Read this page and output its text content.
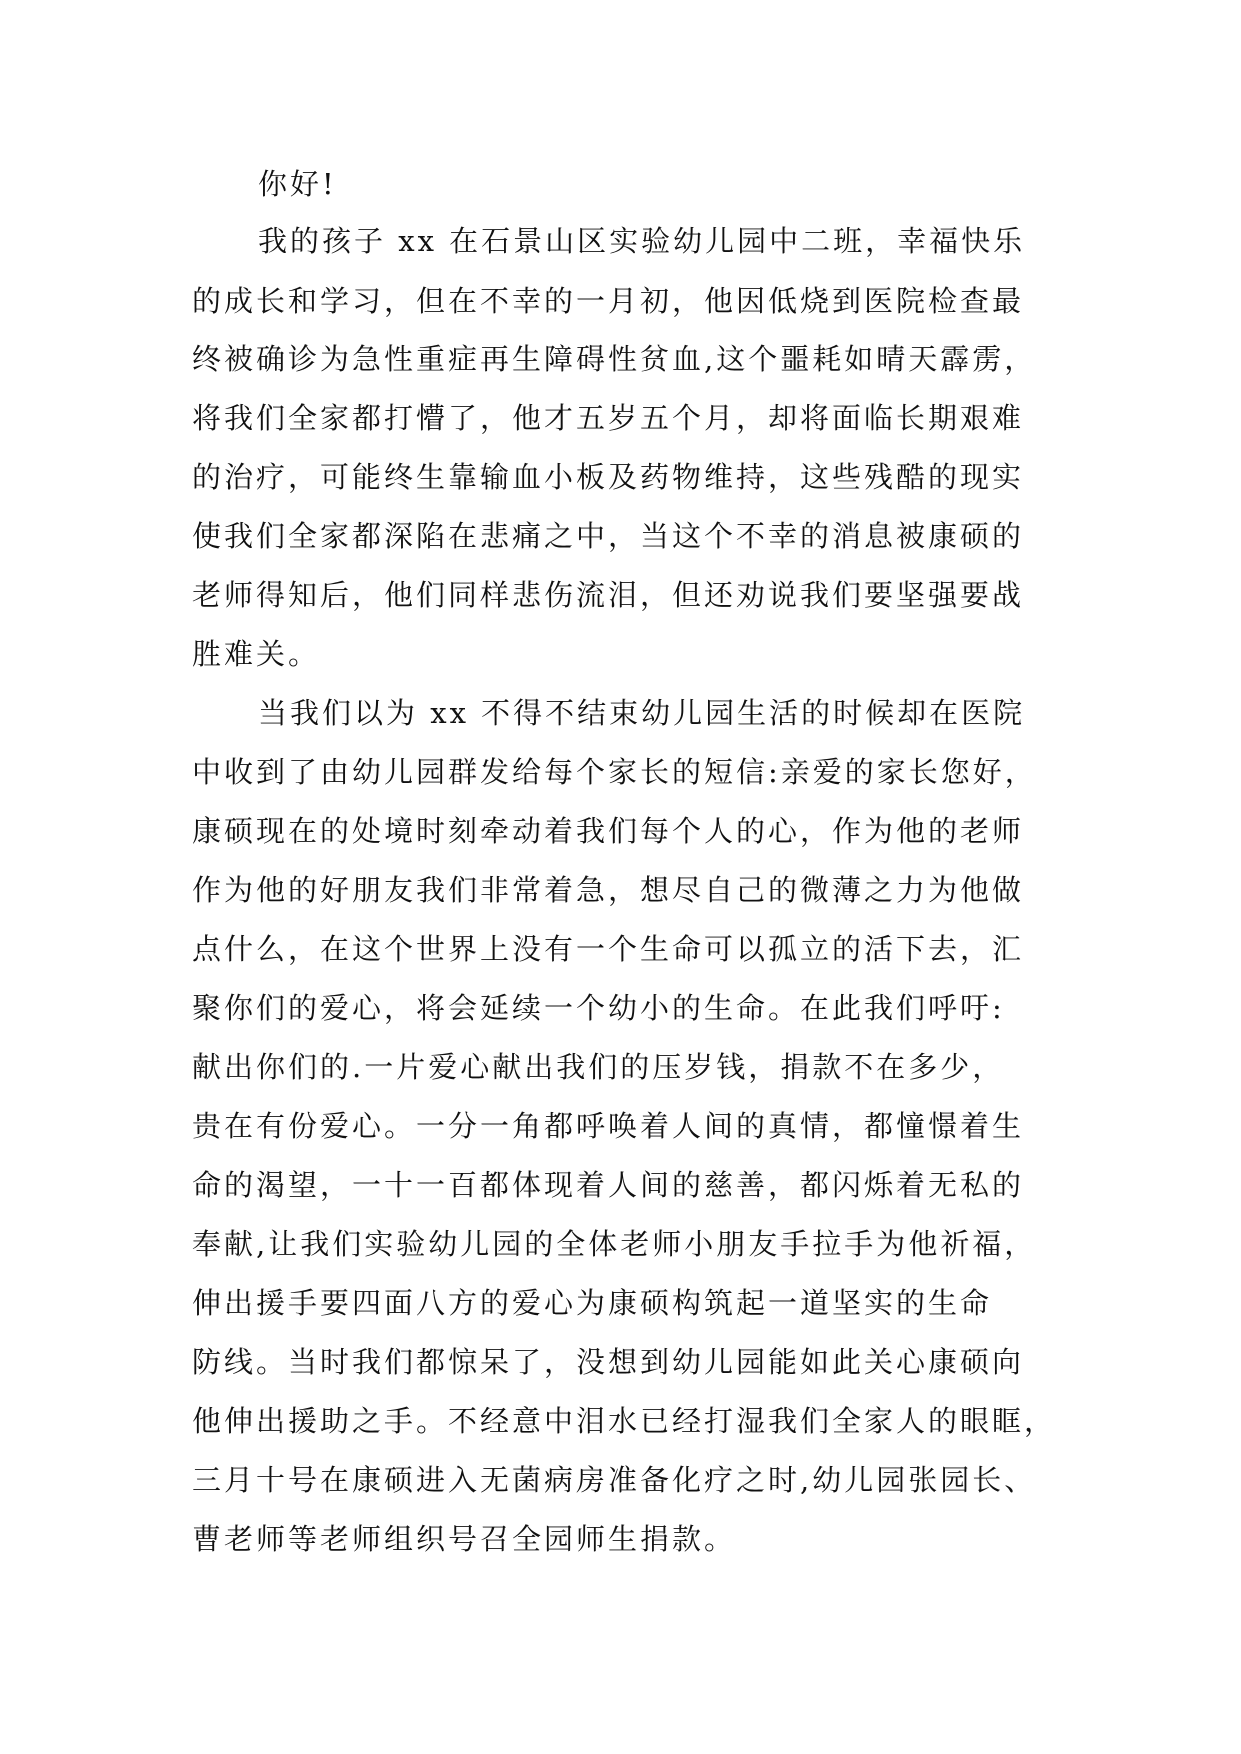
你好!
我的孩子 xx 在石景山区实验幼儿园中二班，幸福快乐
的成长和学习，但在不幸的一月初，他因低烧到医院检查最
终被确诊为急性重症再生障碍性贫血,这个噩耗如晴天霹雳，
将我们全家都打懵了，他才五岁五个月，却将面临长期艰难
的治疗，可能终生靠输血小板及药物维持，这些残酷的现实
使我们全家都深陷在悲痛之中，当这个不幸的消息被康硕的
老师得知后，他们同样悲伤流泪，但还劝说我们要坚强要战
胜难关。
当我们以为 xx 不得不结束幼儿园生活的时候却在医院
中收到了由幼儿园群发给每个家长的短信:亲爱的家长您好，
康硕现在的处境时刻牵动着我们每个人的心，作为他的老师
作为他的好朋友我们非常着急，想尽自己的微薄之力为他做
点什么，在这个世界上没有一个生命可以孤立的活下去，汇
聚你们的爱心，将会延续一个幼小的生命。在此我们呼吁:
献出你们的.一片爱心献出我们的压岁钱，捐款不在多少，
贵在有份爱心。一分一角都呼唤着人间的真情，都憧憬着生
命的渴望，一十一百都体现着人间的慈善，都闪烁着无私的
奉献,让我们实验幼儿园的全体老师小朋友手拉手为他祈福，
伸出援手要四面八方的爱心为康硕构筑起一道坚实的生命
防线。当时我们都惊呆了，没想到幼儿园能如此关心康硕向
他伸出援助之手。不经意中泪水已经打湿我们全家人的眼眶，
三月十号在康硕进入无菌病房准备化疗之时,幼儿园张园长、
曹老师等老师组织号召全园师生捐款。
